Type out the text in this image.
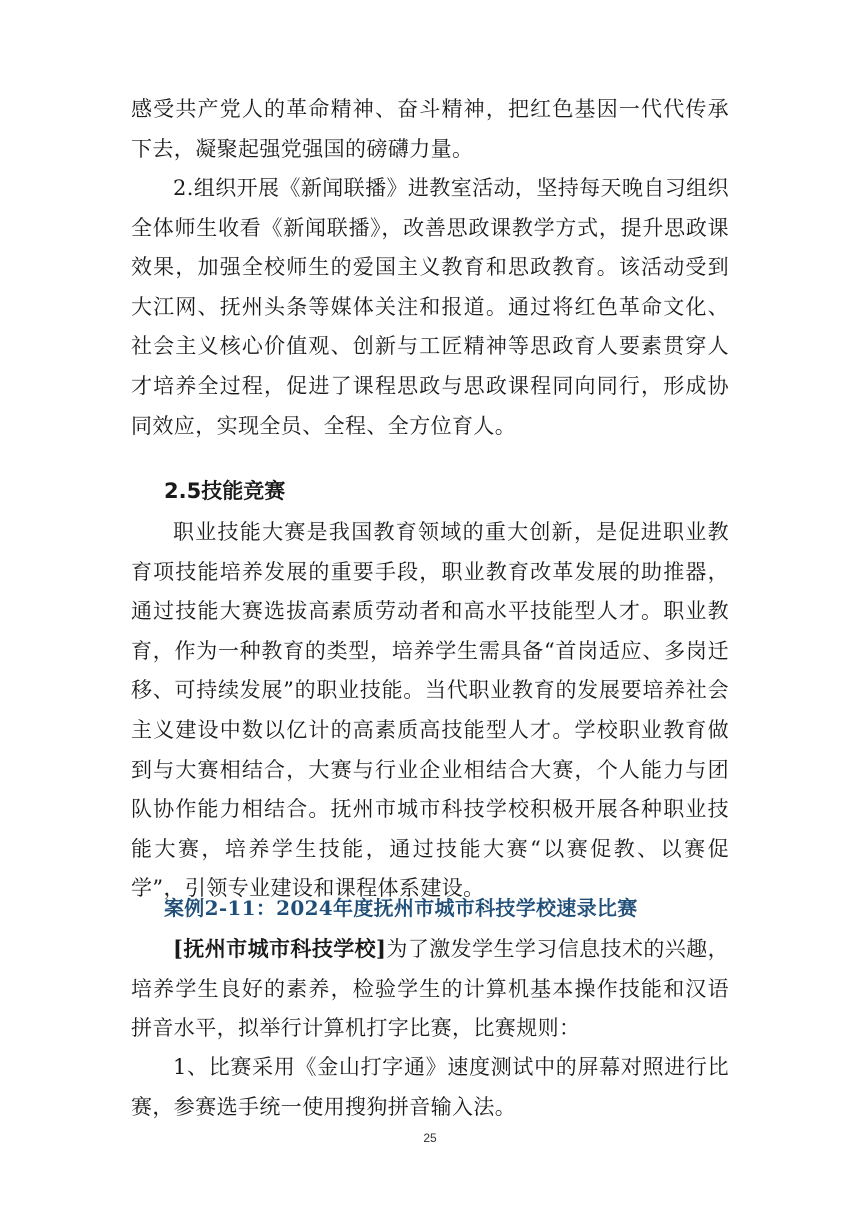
感受共产党人的革命精神、奋斗精神，把红色基因一代代传承下去，凝聚起强党强国的磅礴力量。

2.组织开展《新闻联播》进教室活动，坚持每天晚自习组织全体师生收看《新闻联播》，改善思政课教学方式，提升思政课效果，加强全校师生的爱国主义教育和思政教育。该活动受到大江网、抚州头条等媒体关注和报道。通过将红色革命文化、社会主义核心价值观、创新与工匠精神等思政育人要素贯穿人才培养全过程，促进了课程思政与思政课程同向同行，形成协同效应，实现全员、全程、全方位育人。

2.5技能竞赛

职业技能大赛是我国教育领域的重大创新，是促进职业教育项技能培养发展的重要手段，职业教育改革发展的助推器，通过技能大赛选拔高素质劳动者和高水平技能型人才。职业教育，作为一种教育的类型，培养学生需具备“首岗适应、多岗迁移、可持续发展”的职业技能。当代职业教育的发展要培养社会主义建设中数以亿计的高素质高技能型人才。学校职业教育做到与大赛相结合，大赛与行业企业相结合大赛，个人能力与团队协作能力相结合。抚州市城市科技学校积极开展各种职业技能大赛，培养学生技能，通过技能大赛“以赛促教、以赛促学”，引领专业建设和课程体系建设。

案例2-11：2024年度抚州市城市科技学校速录比赛

[抚州市城市科技学校]为了激发学生学习信息技术的兴趣，培养学生良好的素养，检验学生的计算机基本操作技能和汉语拼音水平，拟举行计算机打字比赛，比赛规则：

1、比赛采用《金山打字通》速度测试中的屏幕对照进行比赛，参赛选手统一使用搜狗拼音输入法。

25
